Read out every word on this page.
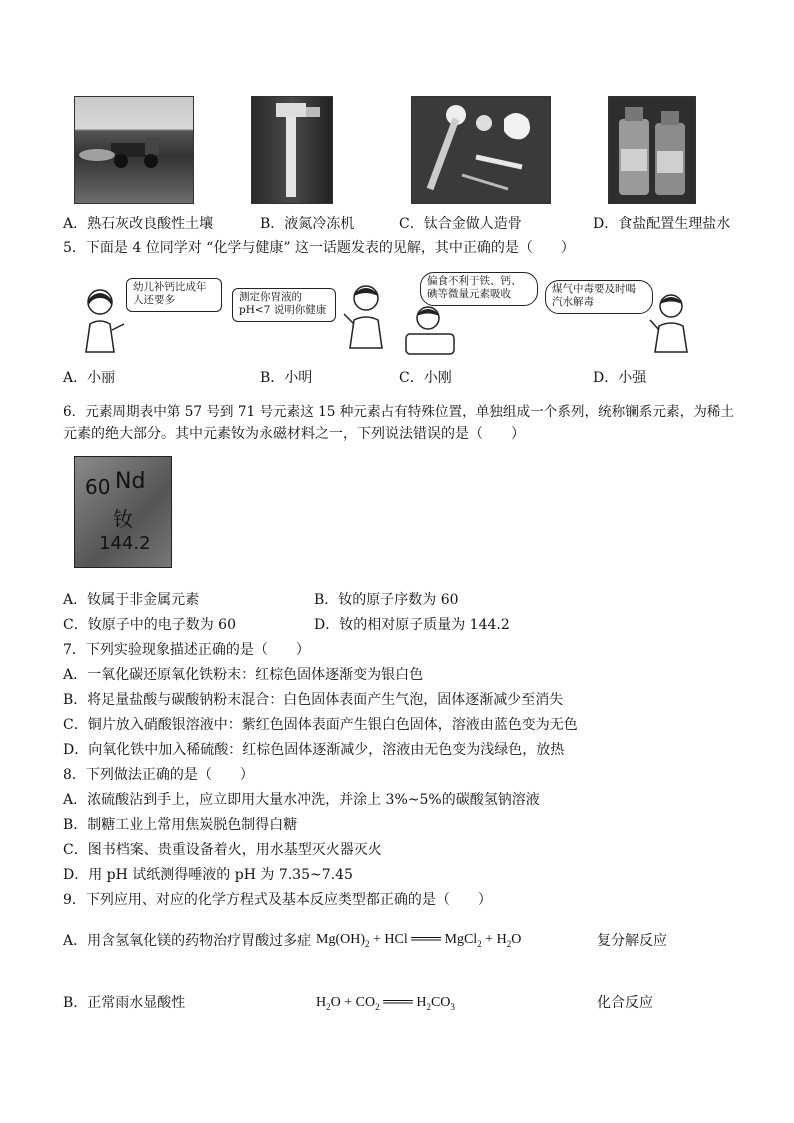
A．熟石灰改良酸性土壤	B．液氮冷冻机	C．钛合金做人造骨	D．食盐配置生理盐水
5．下面是 4 位同学对 “化学与健康” 这一话题发表的见解，其中正确的是（　　）
幼儿补钙比成年人还要多	测定你胃液的pH<7 说明你健康
偏食不利于铁、钙、碘等微量元素吸收	煤气中毒要及时喝汽水解毒
A．小丽	B．小明	C．小刚	D．小强
6．元素周期表中第 57 号到 71 号元素这 15 种元素占有特殊位置，单独组成一个系列，统称镧系元素，为稀土
元素的绝大部分。其中元素钕为永磁材料之一，下列说法错误的是（　　）
60 Nd
钕
144.2
A．钕属于非金属元素	B．钕的原子序数为 60
C．钕原子中的电子数为 60	D．钕的相对原子质量为 144.2
7．下列实验现象描述正确的是（　　）
A．一氧化碳还原氧化铁粉末：红棕色固体逐渐变为银白色
B．将足量盐酸与碳酸钠粉末混合：白色固体表面产生气泡，固体逐渐减少至消失
C．铜片放入硝酸银溶液中：紫红色固体表面产生银白色固体，溶液由蓝色变为无色
D．向氧化铁中加入稀硫酸：红棕色固体逐渐减少，溶液由无色变为浅绿色，放热
8．下列做法正确的是（　　）
A．浓硫酸沾到手上，应立即用大量水冲洗，并涂上 3%~5%的碳酸氢钠溶液
B．制糖工业上常用焦炭脱色制得白糖
C．图书档案、贵重设备着火，用水基型灭火器灭火
D．用 pH 试纸测得唾液的 pH 为 7.35~7.45
9．下列应用、对应的化学方程式及基本反应类型都正确的是（　　）
A．用含氢氧化镁的药物治疗胃酸过多症 $Mg(OH)_2$ + HCl ═══ MgCl$_2$ + $H_2O$	复分解反应
B．正常雨水显酸性	$H_2O + CO_2$ ═══ $H_2CO_3$	化合反应
